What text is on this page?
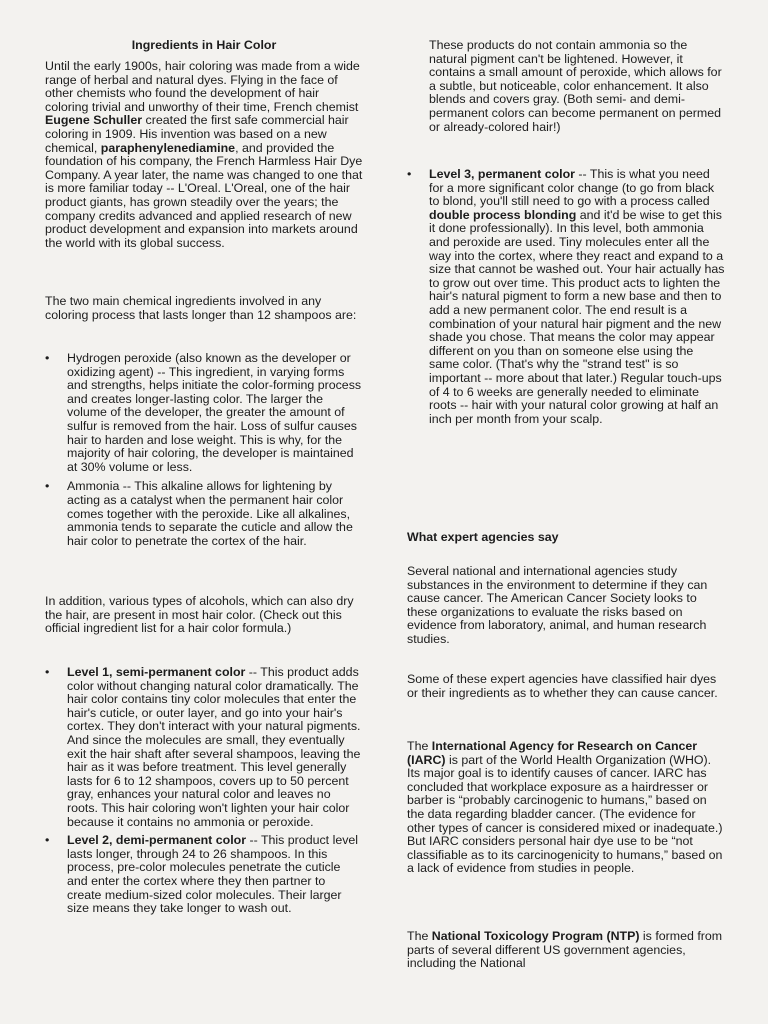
Ingredients in Hair Color

Until the early 1900s, hair coloring was made from a wide range of herbal and natural dyes. Flying in the face of other chemists who found the development of hair coloring trivial and unworthy of their time, French chemist Eugene Schuller created the first safe commercial hair coloring in 1909. His invention was based on a new chemical, paraphenylenediamine, and provided the foundation of his company, the French Harmless Hair Dye Company. A year later, the name was changed to one that is more familiar today -- L'Oreal. L'Oreal, one of the hair product giants, has grown steadily over the years; the company credits advanced and applied research of new product development and expansion into markets around the world with its global success.

The two main chemical ingredients involved in any coloring process that lasts longer than 12 shampoos are:

• Hydrogen peroxide (also known as the developer or oxidizing agent) -- This ingredient, in varying forms and strengths, helps initiate the color-forming process and creates longer-lasting color. The larger the volume of the developer, the greater the amount of sulfur is removed from the hair. Loss of sulfur causes hair to harden and lose weight. This is why, for the majority of hair coloring, the developer is maintained at 30% volume or less.
• Ammonia -- This alkaline allows for lightening by acting as a catalyst when the permanent hair color comes together with the peroxide. Like all alkalines, ammonia tends to separate the cuticle and allow the hair color to penetrate the cortex of the hair.

In addition, various types of alcohols, which can also dry the hair, are present in most hair color. (Check out this official ingredient list for a hair color formula.)

• Level 1, semi-permanent color -- This product adds color without changing natural color dramatically. The hair color contains tiny color molecules that enter the hair's cuticle, or outer layer, and go into your hair's cortex. They don't interact with your natural pigments. And since the molecules are small, they eventually exit the hair shaft after several shampoos, leaving the hair as it was before treatment. This level generally lasts for 6 to 12 shampoos, covers up to 50 percent gray, enhances your natural color and leaves no roots. This hair coloring won't lighten your hair color because it contains no ammonia or peroxide.
• Level 2, demi-permanent color -- This product level lasts longer, through 24 to 26 shampoos. In this process, pre-color molecules penetrate the cuticle and enter the cortex where they then partner to create medium-sized color molecules. Their larger size means they take longer to wash out.

These products do not contain ammonia so the natural pigment can't be lightened. However, it contains a small amount of peroxide, which allows for a subtle, but noticeable, color enhancement. It also blends and covers gray. (Both semi- and demi-permanent colors can become permanent on permed or already-colored hair!)

• Level 3, permanent color -- This is what you need for a more significant color change (to go from black to blond, you'll still need to go with a process called double process blonding and it'd be wise to get this it done professionally). In this level, both ammonia and peroxide are used. Tiny molecules enter all the way into the cortex, where they react and expand to a size that cannot be washed out. Your hair actually has to grow out over time. This product acts to lighten the hair's natural pigment to form a new base and then to add a new permanent color. The end result is a combination of your natural hair pigment and the new shade you chose. That means the color may appear different on you than on someone else using the same color. (That's why the "strand test" is so important -- more about that later.) Regular touch-ups of 4 to 6 weeks are generally needed to eliminate roots -- hair with your natural color growing at half an inch per month from your scalp.

What expert agencies say

Several national and international agencies study substances in the environment to determine if they can cause cancer. The American Cancer Society looks to these organizations to evaluate the risks based on evidence from laboratory, animal, and human research studies.

Some of these expert agencies have classified hair dyes or their ingredients as to whether they can cause cancer.

The International Agency for Research on Cancer (IARC) is part of the World Health Organization (WHO). Its major goal is to identify causes of cancer. IARC has concluded that workplace exposure as a hairdresser or barber is “probably carcinogenic to humans,” based on the data regarding bladder cancer. (The evidence for other types of cancer is considered mixed or inadequate.) But IARC considers personal hair dye use to be “not classifiable as to its carcinogenicity to humans,” based on a lack of evidence from studies in people.

The National Toxicology Program (NTP) is formed from parts of several different US government agencies, including the National
